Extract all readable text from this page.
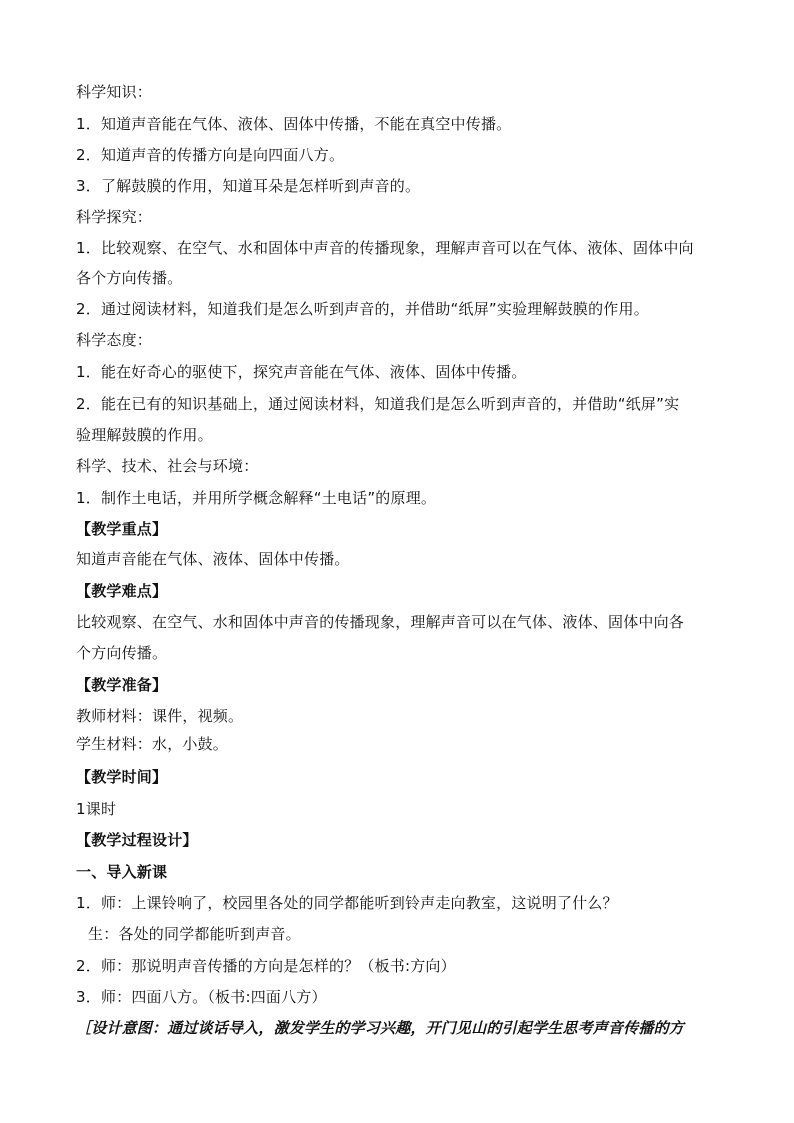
科学知识：
1．知道声音能在气体、液体、固体中传播，不能在真空中传播。
2．知道声音的传播方向是向四面八方。
3．了解鼓膜的作用，知道耳朵是怎样听到声音的。
科学探究：
1．比较观察、在空气、水和固体中声音的传播现象，理解声音可以在气体、液体、固体中向
各个方向传播。
2．通过阅读材料，知道我们是怎么听到声音的，并借助“纸屏”实验理解鼓膜的作用。
科学态度：
1．能在好奇心的驱使下，探究声音能在气体、液体、固体中传播。
2．能在已有的知识基础上，通过阅读材料，知道我们是怎么听到声音的，并借助“纸屏”实
验理解鼓膜的作用。
科学、技术、社会与环境：
1．制作土电话，并用所学概念解释“土电话”的原理。
【教学重点】
知道声音能在气体、液体、固体中传播。
【教学难点】
比较观察、在空气、水和固体中声音的传播现象，理解声音可以在气体、液体、固体中向各
个方向传播。
【教学准备】
教师材料：课件，视频。
学生材料：水，小鼓。
【教学时间】
1课时
【教学过程设计】
一、导入新课
1．师：上课铃响了，校园里各处的同学都能听到铃声走向教室，这说明了什么？
生：各处的同学都能听到声音。
2．师：那说明声音传播的方向是怎样的？（板书:方向）
3．师：四面八方。（板书:四面八方）
［设计意图：通过谈话导入，激发学生的学习兴趣，开门见山的引起学生思考声音传播的方
